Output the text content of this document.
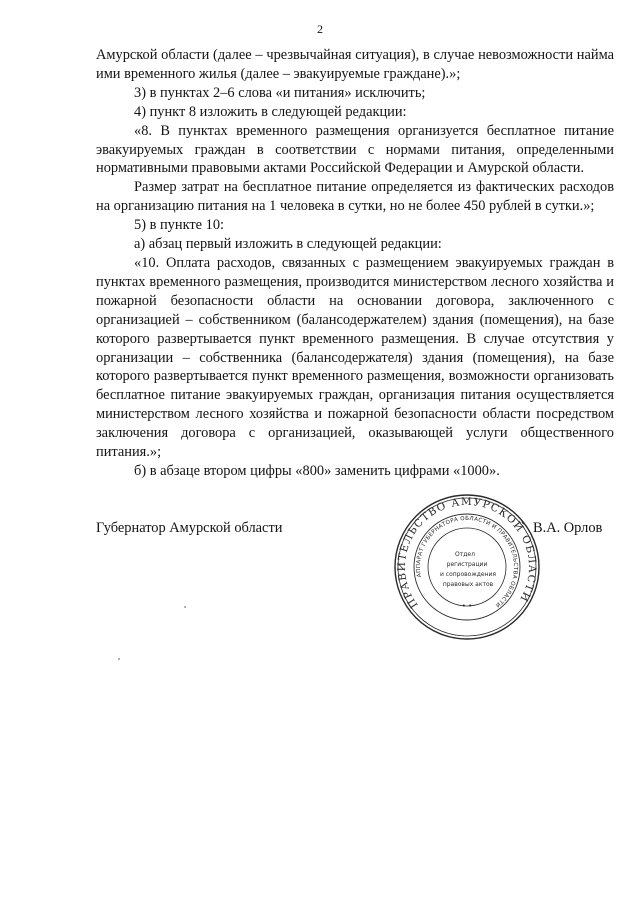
2

Амурской области (далее – чрезвычайная ситуация), в случае невозможности найма ими временного жилья (далее – эвакуируемые граждане).»;

3) в пунктах 2–6 слова «и питания» исключить;

4) пункт 8 изложить в следующей редакции:

«8. В пунктах временного размещения организуется бесплатное питание эвакуируемых граждан в соответствии с нормами питания, определенными нормативными правовыми актами Российской Федерации и Амурской области.

Размер затрат на бесплатное питание определяется из фактических расходов на организацию питания на 1 человека в сутки, но не более 450 рублей в сутки.»;

5) в пункте 10:

а) абзац первый изложить в следующей редакции:

«10. Оплата расходов, связанных с размещением эвакуируемых граждан в пунктах временного размещения, производится министерством лесного хозяйства и пожарной безопасности области на основании договора, заключенного с организацией – собственником (балансодержателем) здания (помещения), на базе которого развертывается пункт временного размещения. В случае отсутствия у организации – собственника (балансодержателя) здания (помещения), на базе которого развертывается пункт временного размещения, возможности организовать бесплатное питание эвакуируемых граждан, организация питания осуществляется министерством лесного хозяйства и пожарной безопасности области посредством заключения договора с организацией, оказывающей услуги общественного питания.»;

б) в абзаце втором цифры «800» заменить цифрами «1000».

Губернатор Амурской области
ПРАВИТЕЛЬСТВО АМУРСКОЙ ОБЛАСТИ
АППАРАТ ГУБЕРНАТОРА ОБЛАСТИ И ПРАВИТЕЛЬСТВА ОБЛАСТИ
Отдел
регистрации
и сопровождения
правовых актов
• •
В.А. Орлов
